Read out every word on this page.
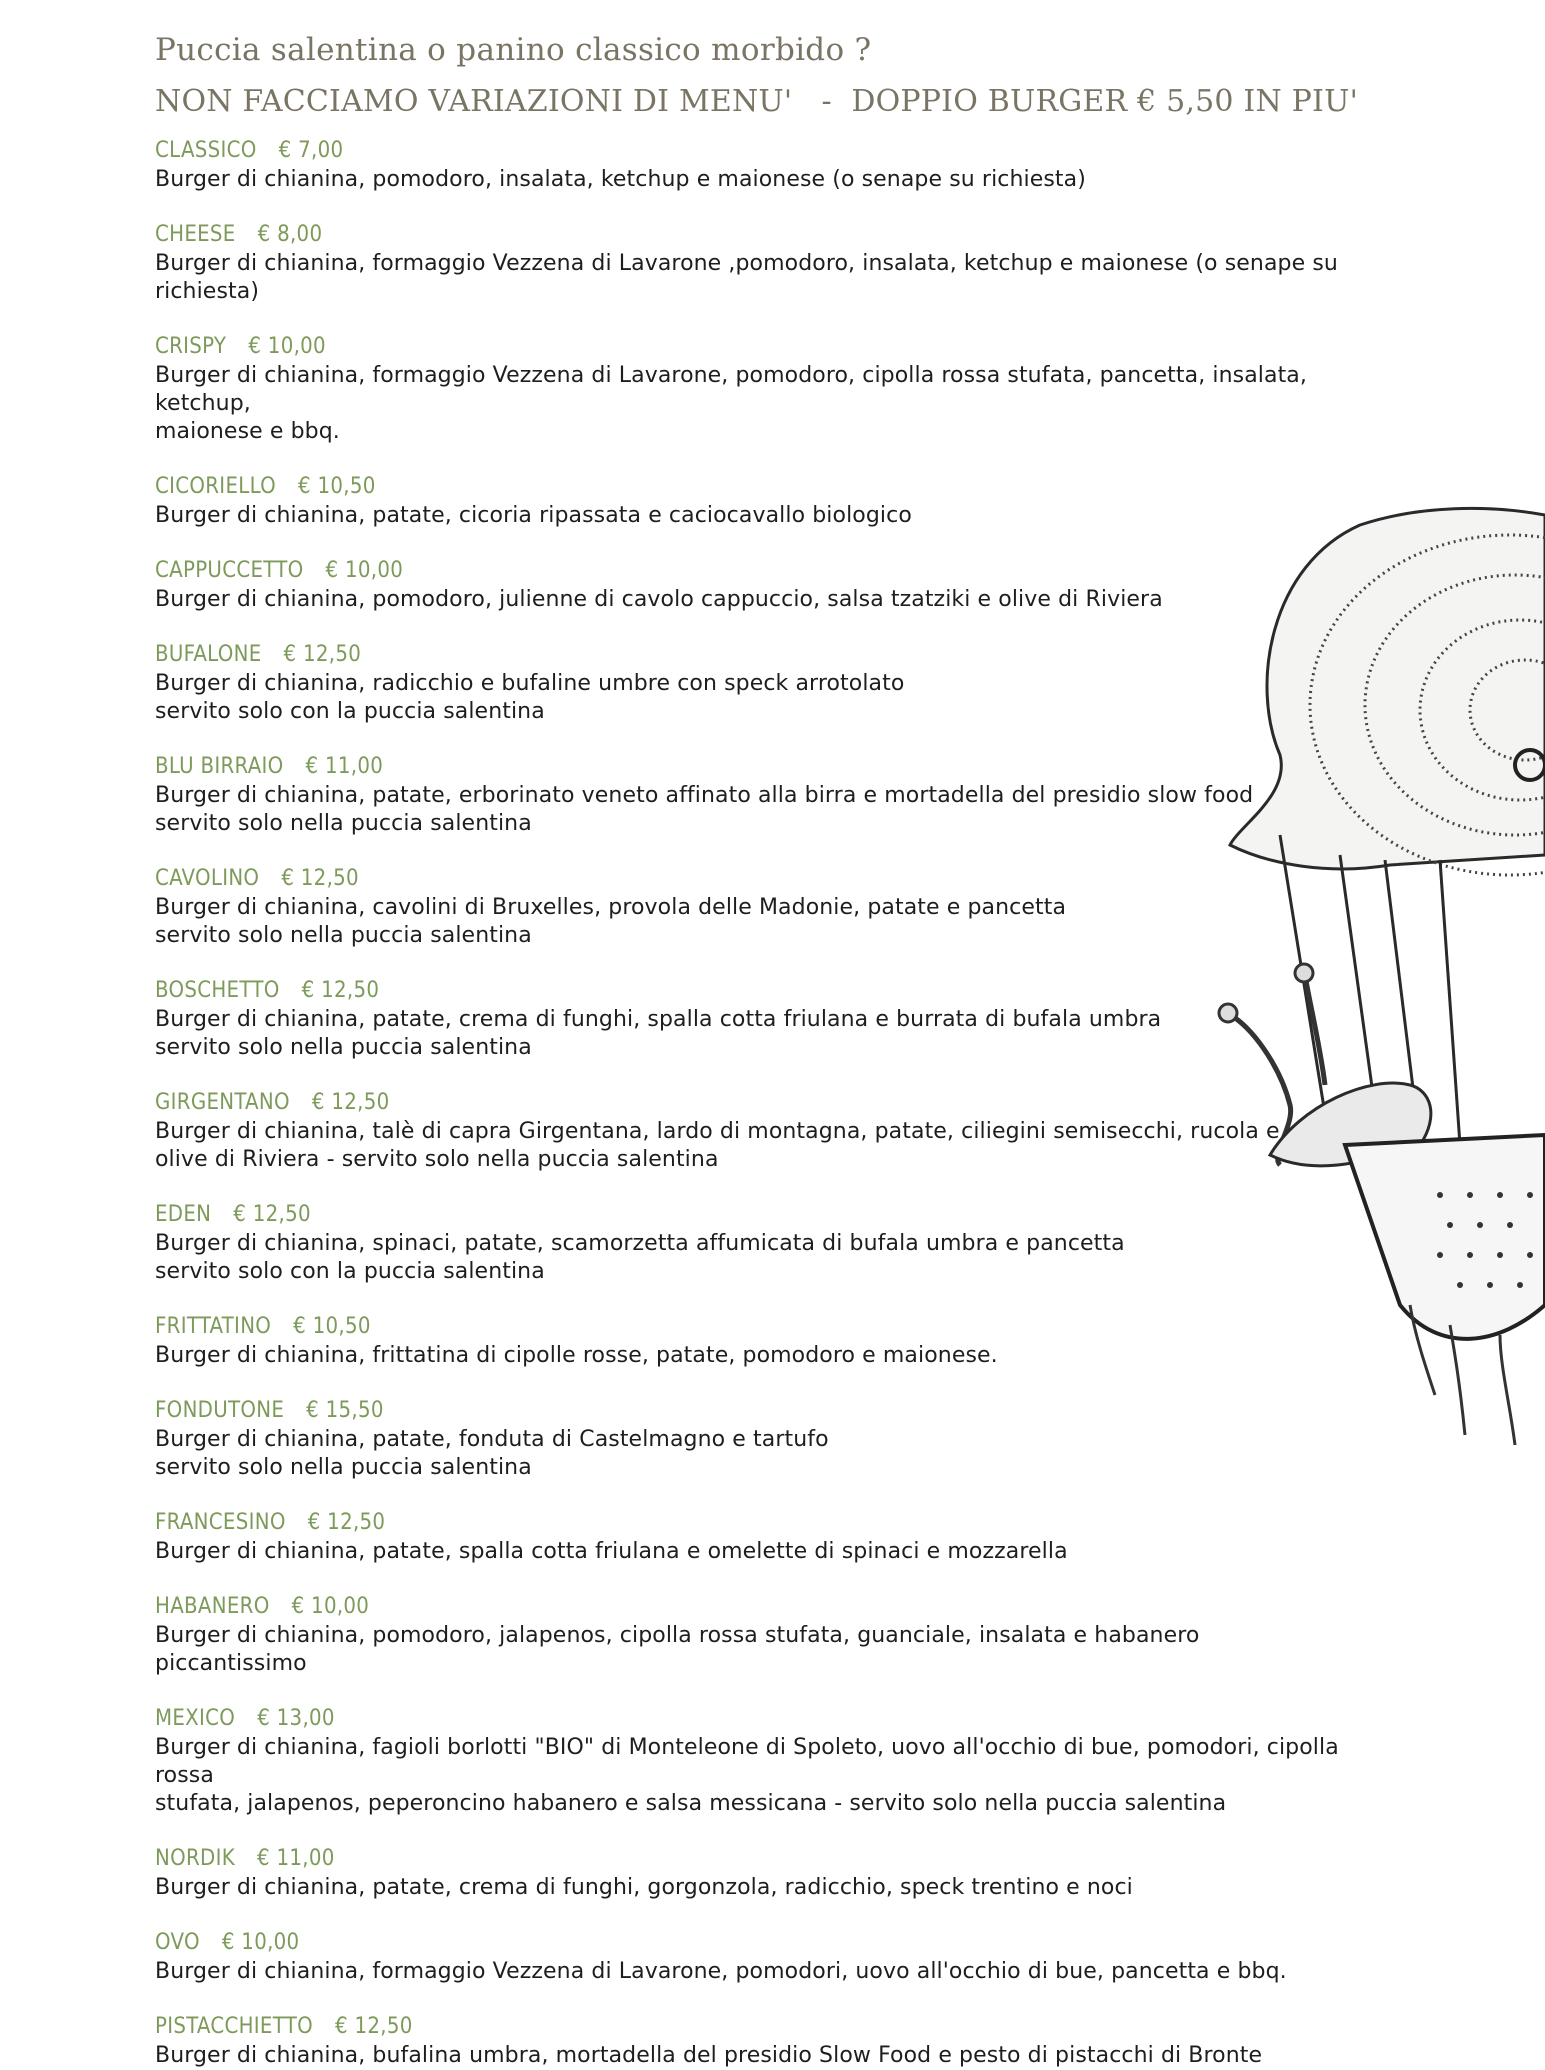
Puccia salentina o panino classico morbido ?
NON FACCIAMO VARIAZIONI DI MENU'   -  DOPPIO BURGER € 5,50 IN PIU'
CLASSICO € 7,00
Burger di chianina, pomodoro, insalata, ketchup e maionese (o senape su richiesta)
CHEESE € 8,00
Burger di chianina, formaggio Vezzena di Lavarone ,pomodoro, insalata, ketchup e maionese (o senape su richiesta)
CRISPY € 10,00
Burger di chianina, formaggio Vezzena di Lavarone, pomodoro, cipolla rossa stufata, pancetta, insalata, ketchup,
maionese e bbq.
CICORIELLO € 10,50
Burger di chianina, patate, cicoria ripassata e caciocavallo biologico
CAPPUCCETTO € 10,00
Burger di chianina, pomodoro, julienne di cavolo cappuccio, salsa tzatziki e olive di Riviera
BUFALONE € 12,50
Burger di chianina, radicchio e bufaline umbre con speck arrotolato
servito solo con la puccia salentina
BLU BIRRAIO € 11,00
Burger di chianina, patate, erborinato veneto affinato alla birra e mortadella del presidio slow food
servito solo nella puccia salentina
CAVOLINO € 12,50
Burger di chianina, cavolini di Bruxelles, provola delle Madonie, patate e pancetta
servito solo nella puccia salentina
BOSCHETTO € 12,50
Burger di chianina, patate, crema di funghi, spalla cotta friulana e burrata di bufala umbra
servito solo nella puccia salentina
GIRGENTANO € 12,50
Burger di chianina, talè di capra Girgentana, lardo di montagna, patate, ciliegini semisecchi, rucola e
olive di Riviera - servito solo nella puccia salentina
EDEN € 12,50
Burger di chianina, spinaci, patate, scamorzetta affumicata di bufala umbra e pancetta
servito solo con la puccia salentina
FRITTATINO € 10,50
Burger di chianina, frittatina di cipolle rosse, patate, pomodoro e maionese.
FONDUTONE € 15,50
Burger di chianina, patate, fonduta di Castelmagno e tartufo
servito solo nella puccia salentina
FRANCESINO € 12,50
Burger di chianina, patate, spalla cotta friulana e omelette di spinaci e mozzarella
HABANERO € 10,00
Burger di chianina, pomodoro, jalapenos, cipolla rossa stufata, guanciale, insalata e habanero piccantissimo
MEXICO € 13,00
Burger di chianina, fagioli borlotti "BIO" di Monteleone di Spoleto, uovo all'occhio di bue, pomodori, cipolla rossa
stufata, jalapenos, peperoncino habanero e salsa messicana - servito solo nella puccia salentina
NORDIK € 11,00
Burger di chianina, patate, crema di funghi, gorgonzola, radicchio, speck trentino e noci
OVO € 10,00
Burger di chianina, formaggio Vezzena di Lavarone, pomodori, uovo all'occhio di bue, pancetta e bbq.
PISTACCHIETTO € 12,50
Burger di chianina, bufalina umbra, mortadella del presidio Slow Food e pesto di pistacchi di Bronte
